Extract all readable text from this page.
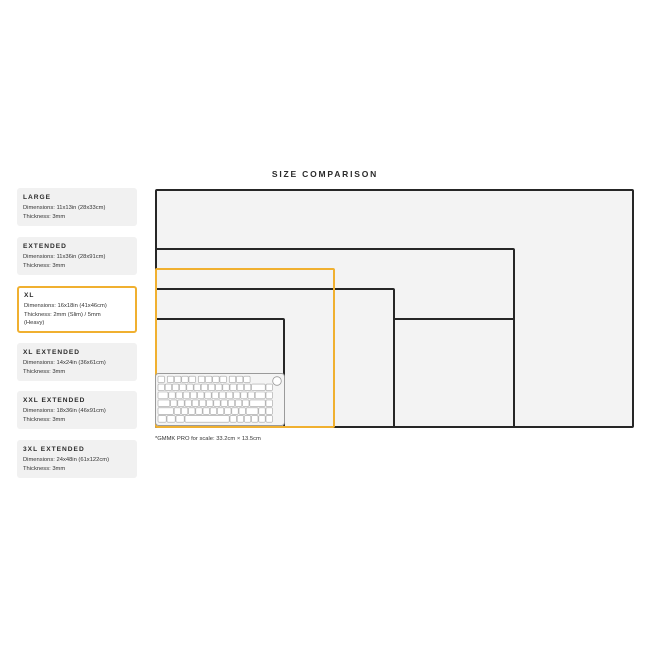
SIZE COMPARISON
LARGE
Dimensions: 11x13in (28x33cm)
Thickness: 3mm
EXTENDED
Dimensions: 11x36in (28x91cm)
Thickness: 3mm
XL
Dimensions: 16x18in (41x46cm)
Thickness: 2mm (Slim) / 5mm
(Heavy)
XL EXTENDED
Dimensions: 14x24in (36x61cm)
Thickness: 3mm
XXL EXTENDED
Dimensions: 18x36in (46x91cm)
Thickness: 3mm
3XL EXTENDED
Dimensions: 24x48in (61x122cm)
Thickness: 3mm
*GMMK PRO for scale: 33.2cm × 13.5cm
